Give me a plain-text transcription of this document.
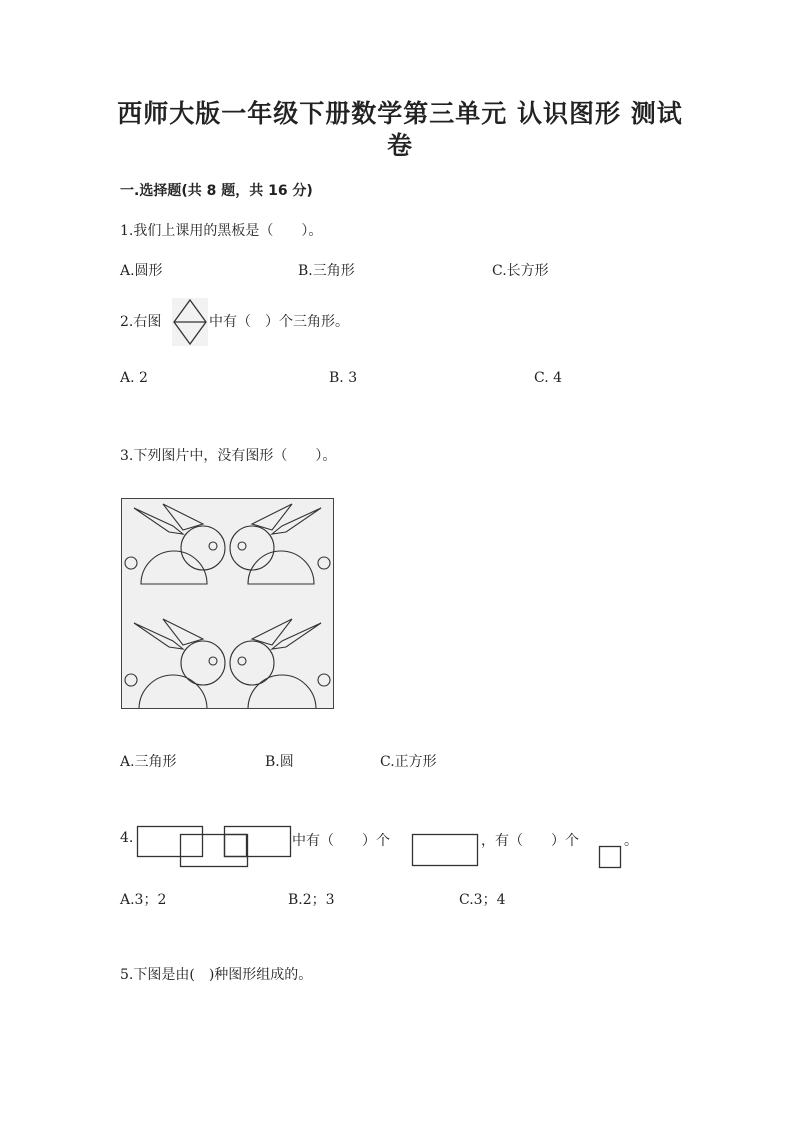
西师大版一年级下册数学第三单元 认识图形 测试
卷
一.选择题(共 8 题，共 16 分)
1.我们上课用的黑板是（　　）。
A.圆形	B.三角形	C.长方形
2.右图	中有（　）个三角形。
A. 2	B. 3	C. 4
3.下列图片中，没有图形（　　）。
A.三角形	B.圆	C.正方形
4.	中有（　　）个	，有（　　）个	。
A.3；2	B.2；3	C.3；4
5.下图是由(　)种图形组成的。
